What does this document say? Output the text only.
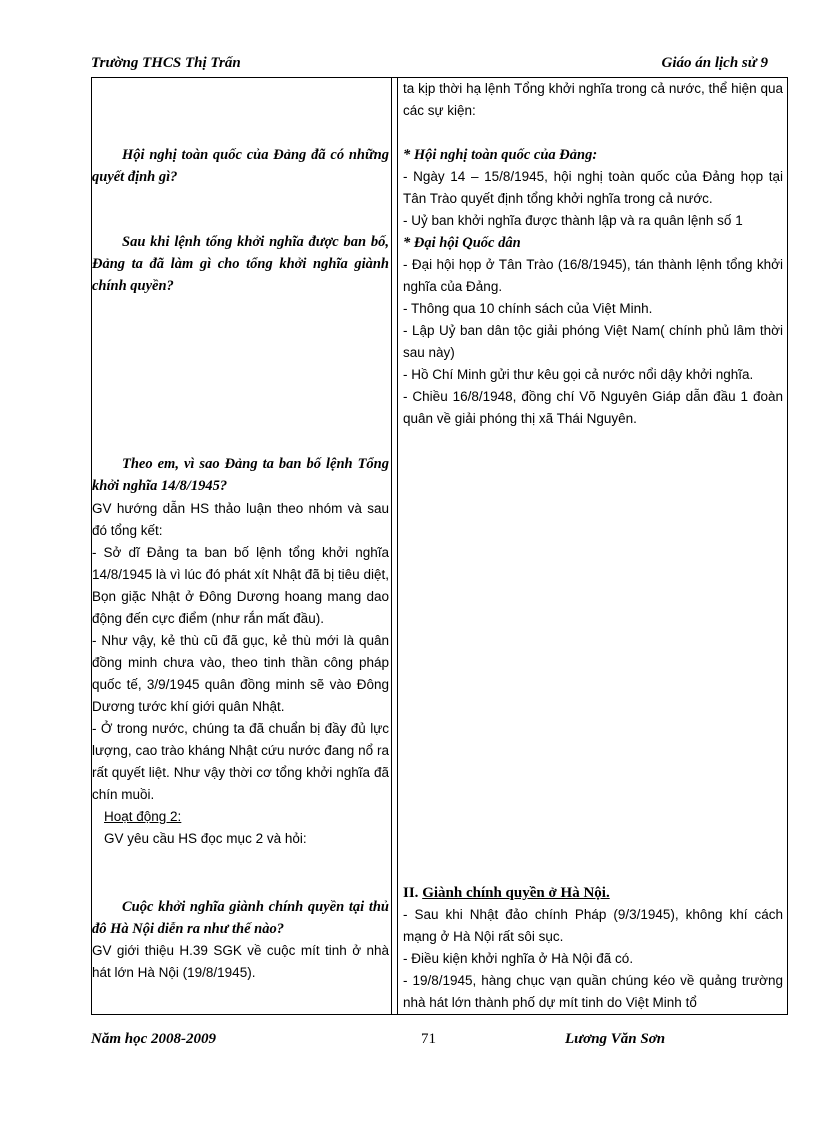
Trường THCS Thị Trấn	Giáo án lịch sử 9

Hội nghị toàn quốc của Đảng đã có những quyết định gì?

Sau khi lệnh tổng khởi nghĩa được ban bố, Đảng ta đã làm gì cho tổng khởi nghĩa giành chính quyền?

Theo em, vì sao Đảng ta ban bố lệnh Tổng khởi nghĩa 14/8/1945?

GV hướng dẫn HS thảo luận theo nhóm và sau đó tổng kết:

- Sở dĩ Đảng ta ban bố lệnh tổng khởi nghĩa 14/8/1945 là vì lúc đó phát xít Nhật đã bị tiêu diệt, Bọn giặc Nhật ở Đông Dương hoang mang dao động đến cực điểm (như rắn mất đầu).

- Như vậy, kẻ thù cũ đã gục, kẻ thù mới là quân đồng minh chưa vào, theo tinh thần công pháp quốc tế, 3/9/1945 quân đồng minh sẽ vào Đông Dương tước khí giới quân Nhật.

- Ở trong nước, chúng ta đã chuẩn bị đầy đủ lực lượng, cao trào kháng Nhật cứu nước đang nổ ra rất quyết liệt. Như vậy thời cơ tổng khởi nghĩa đã chín muồi.

Hoạt động 2:

GV yêu cầu HS đọc mục 2 và hỏi:

Cuộc khởi nghĩa giành chính quyền tại thủ đô Hà Nội diễn ra như thế nào?

GV giới thiệu H.39 SGK về cuộc mít tinh ở nhà hát lớn Hà Nội (19/8/1945).

ta kịp thời hạ lệnh Tổng khởi nghĩa trong cả nước, thể hiện qua các sự kiện:

* Hội nghị toàn quốc của Đảng:

- Ngày 14 – 15/8/1945, hội nghị toàn quốc của Đảng họp tại Tân Trào quyết định tổng khởi nghĩa trong cả nước.

- Uỷ ban khởi nghĩa được thành lập và ra quân lệnh số 1

* Đại hội Quốc dân

- Đại hội họp ở Tân Trào (16/8/1945), tán thành lệnh tổng khởi nghĩa của Đảng.

- Thông qua 10 chính sách của Việt Minh.

- Lập Uỷ ban dân tộc giải phóng Việt Nam( chính phủ lâm thời sau này)

- Hồ Chí Minh gửi thư kêu gọi cả nước nổi dậy khởi nghĩa.

- Chiều 16/8/1948, đồng chí Võ Nguyên Giáp dẫn đầu 1 đoàn quân về giải phóng thị xã Thái Nguyên.

II. Giành chính quyền ở Hà Nội.

- Sau khi Nhật đảo chính Pháp (9/3/1945), không khí cách mạng ở Hà Nội rất sôi sục.

- Điều kiện khởi nghĩa ở Hà Nội đã có.

- 19/8/1945, hàng chục vạn quần chúng kéo về quảng trường nhà hát lớn thành phố dự mít tinh do Việt Minh tổ

Năm học 2008-2009	71	Lương Văn Sơn
